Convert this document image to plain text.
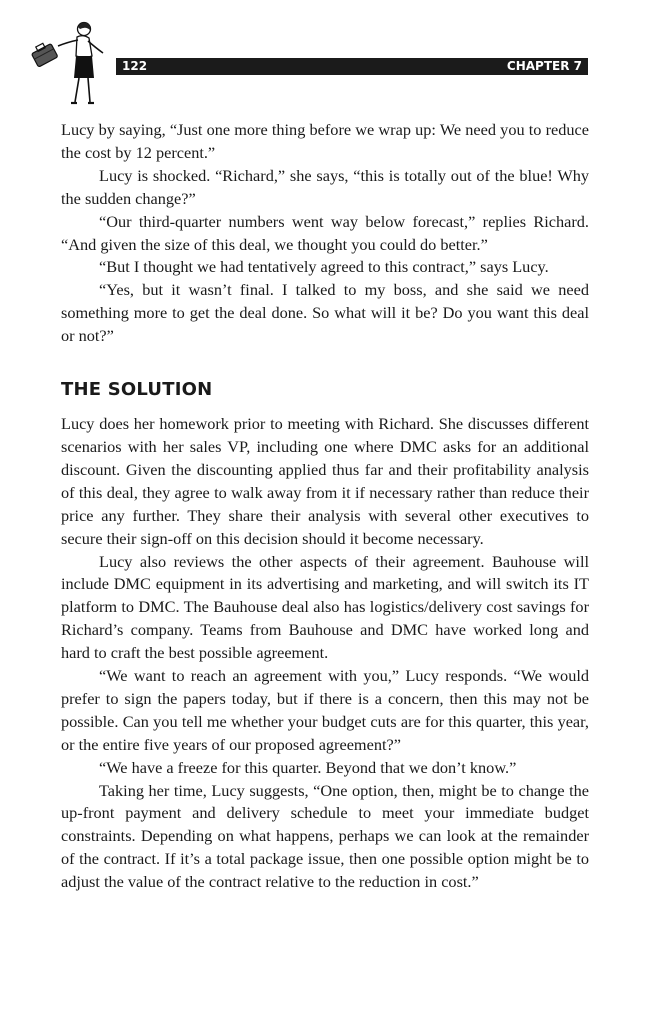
122	CHAPTER 7

Lucy by saying, “Just one more thing before we wrap up: We need you to reduce the cost by 12 percent.”

Lucy is shocked. “Richard,” she says, “this is totally out of the blue! Why the sudden change?”

“Our third-quarter numbers went way below forecast,” replies Richard. “And given the size of this deal, we thought you could do better.”

“But I thought we had tentatively agreed to this contract,” says Lucy.

“Yes, but it wasn’t final. I talked to my boss, and she said we need something more to get the deal done. So what will it be? Do you want this deal or not?”

THE SOLUTION

Lucy does her homework prior to meeting with Richard. She discusses different scenarios with her sales VP, including one where DMC asks for an additional discount. Given the discounting applied thus far and their profitability analysis of this deal, they agree to walk away from it if necessary rather than reduce their price any further. They share their analysis with several other executives to secure their sign-off on this decision should it become necessary.

Lucy also reviews the other aspects of their agreement. Bauhouse will include DMC equipment in its advertising and marketing, and will switch its IT platform to DMC. The Bauhouse deal also has logistics/delivery cost savings for Richard’s company. Teams from Bauhouse and DMC have worked long and hard to craft the best possible agreement.

“We want to reach an agreement with you,” Lucy responds. “We would prefer to sign the papers today, but if there is a concern, then this may not be possible. Can you tell me whether your budget cuts are for this quarter, this year, or the entire five years of our proposed agreement?”

“We have a freeze for this quarter. Beyond that we don’t know.”

Taking her time, Lucy suggests, “One option, then, might be to change the up-front payment and delivery schedule to meet your immediate budget constraints. Depending on what happens, perhaps we can look at the remainder of the contract. If it’s a total package issue, then one possible option might be to adjust the value of the contract relative to the reduction in cost.”
